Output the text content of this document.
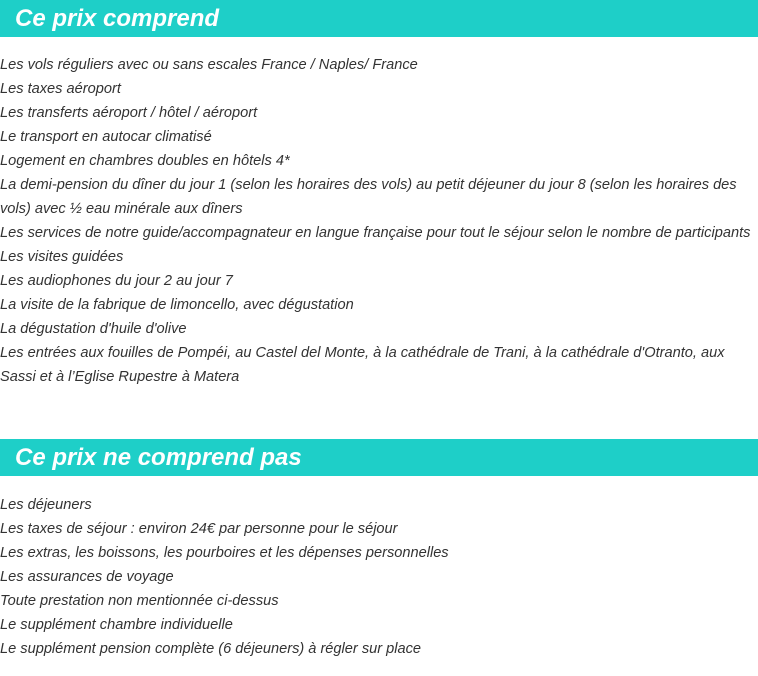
Ce prix comprend
Les vols réguliers avec ou sans escales France / Naples/ France
Les taxes aéroport
Les transferts aéroport / hôtel / aéroport
Le transport en autocar climatisé
Logement en chambres doubles en hôtels 4*
La demi-pension du dîner du jour 1 (selon les horaires des vols) au petit déjeuner du jour 8 (selon les horaires des vols) avec ½ eau minérale aux dîners
Les services de notre guide/accompagnateur en langue française pour tout le séjour selon le nombre de participants
Les visites guidées
Les audiophones du jour 2 au jour 7
La visite de la fabrique de limoncello, avec dégustation
La dégustation d'huile d'olive
Les entrées aux fouilles de Pompéi, au Castel del Monte, à la cathédrale de Trani, à la cathédrale d'Otranto, aux Sassi et à l’Eglise Rupestre à Matera
Ce prix ne comprend pas
Les déjeuners
Les taxes de séjour : environ 24€ par personne pour le séjour
Les extras, les boissons, les pourboires et les dépenses personnelles
Les assurances de voyage
Toute prestation non mentionnée ci-dessus
Le supplément chambre individuelle
Le supplément pension complète (6 déjeuners) à régler sur place
